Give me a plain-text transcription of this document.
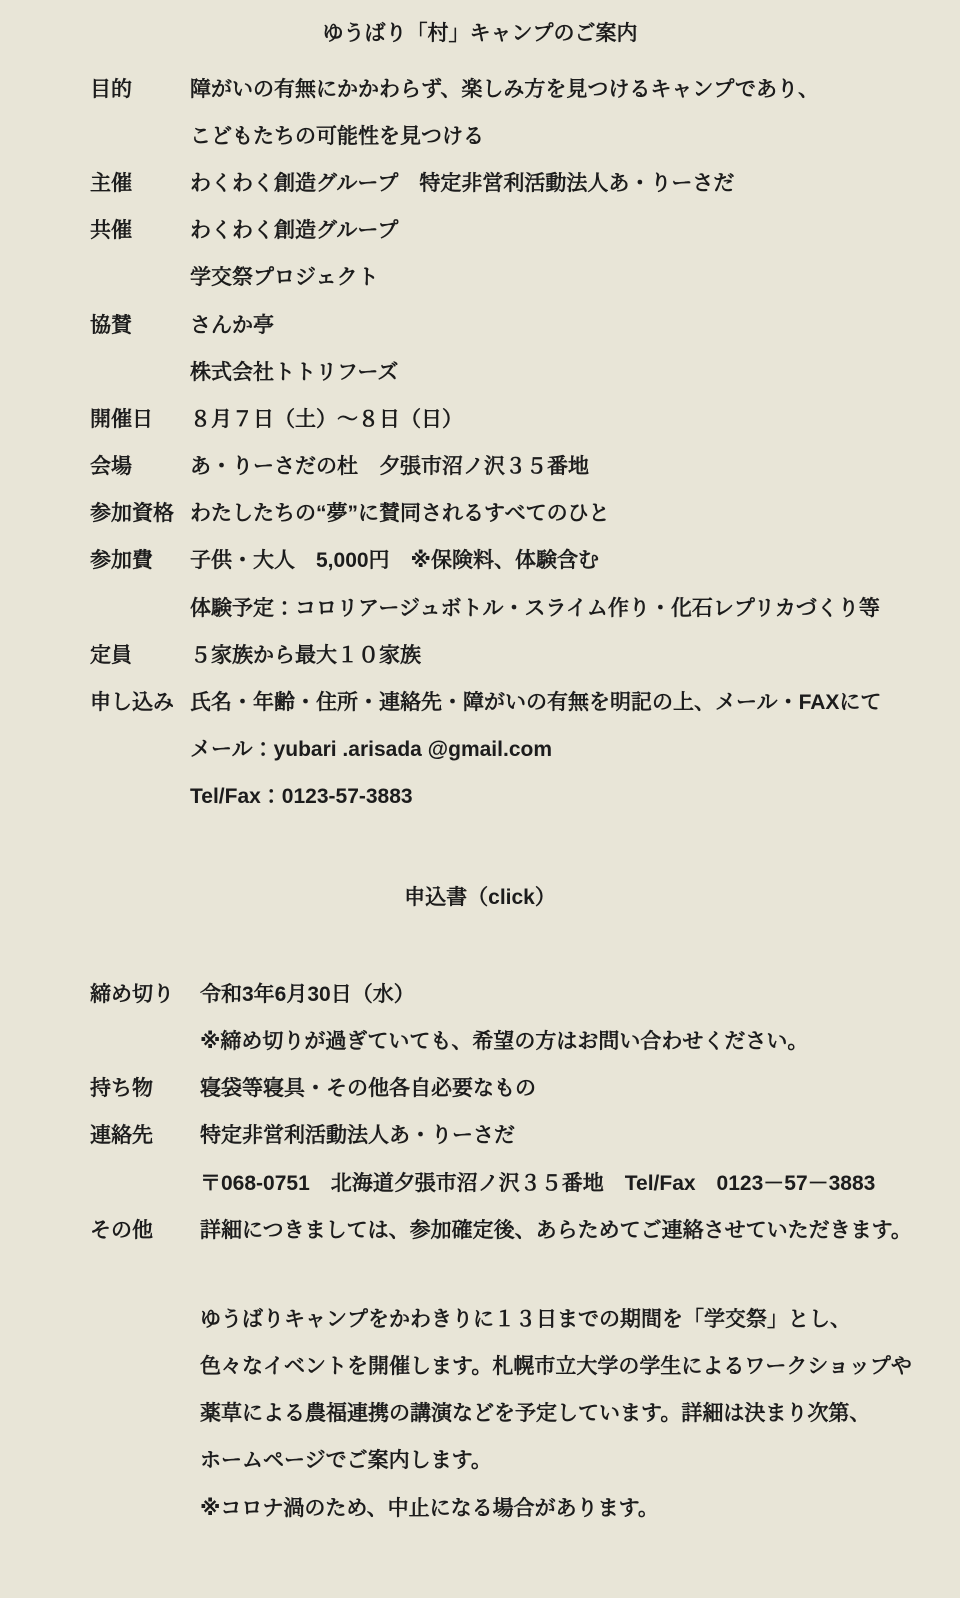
ゆうばり「村」キャンプのご案内
目的	障がいの有無にかかわらず、楽しみ方を見つけるキャンプであり、
こどもたちの可能性を見つける
主催	わくわく創造グループ　特定非営利活動法人あ・りーさだ
共催	わくわく創造グループ
学交祭プロジェクト
協賛	さんか亭
株式会社トトリフーズ
開催日	８月７日（土）～８日（日）
会場	あ・りーさだの杜　夕張市沼ノ沢３５番地
参加資格 わたしたちの“夢”に賛同されるすべてのひと
参加費	子供・大人　5,000円　※保険料、体験含む
体験予定：コロリアージュボトル・スライム作り・化石レプリカづくり等
定員	５家族から最大１０家族
申し込み 氏名・年齢・住所・連絡先・障がいの有無を明記の上、メール・FAXにて
メール：yubari .arisada @gmail.com
Tel/Fax：0123-57-3883
申込書（click）
締め切り	令和3年6月30日（水）
※締め切りが過ぎていても、希望の方はお問い合わせください。
持ち物	寝袋等寝具・その他各自必要なもの
連絡先	特定非営利活動法人あ・りーさだ
〒068-0751　北海道夕張市沼ノ沢３５番地　Tel/Fax　0123－57－3883
その他	詳細につきましては、参加確定後、あらためてご連絡させていただきます。
ゆうばりキャンプをかわきりに１３日までの期間を「学交祭」とし、
色々なイベントを開催します。札幌市立大学の学生によるワークショップや
薬草による農福連携の講演などを予定しています。詳細は決まり次第、
ホームページでご案内します。
※コロナ渦のため、中止になる場合があります。
